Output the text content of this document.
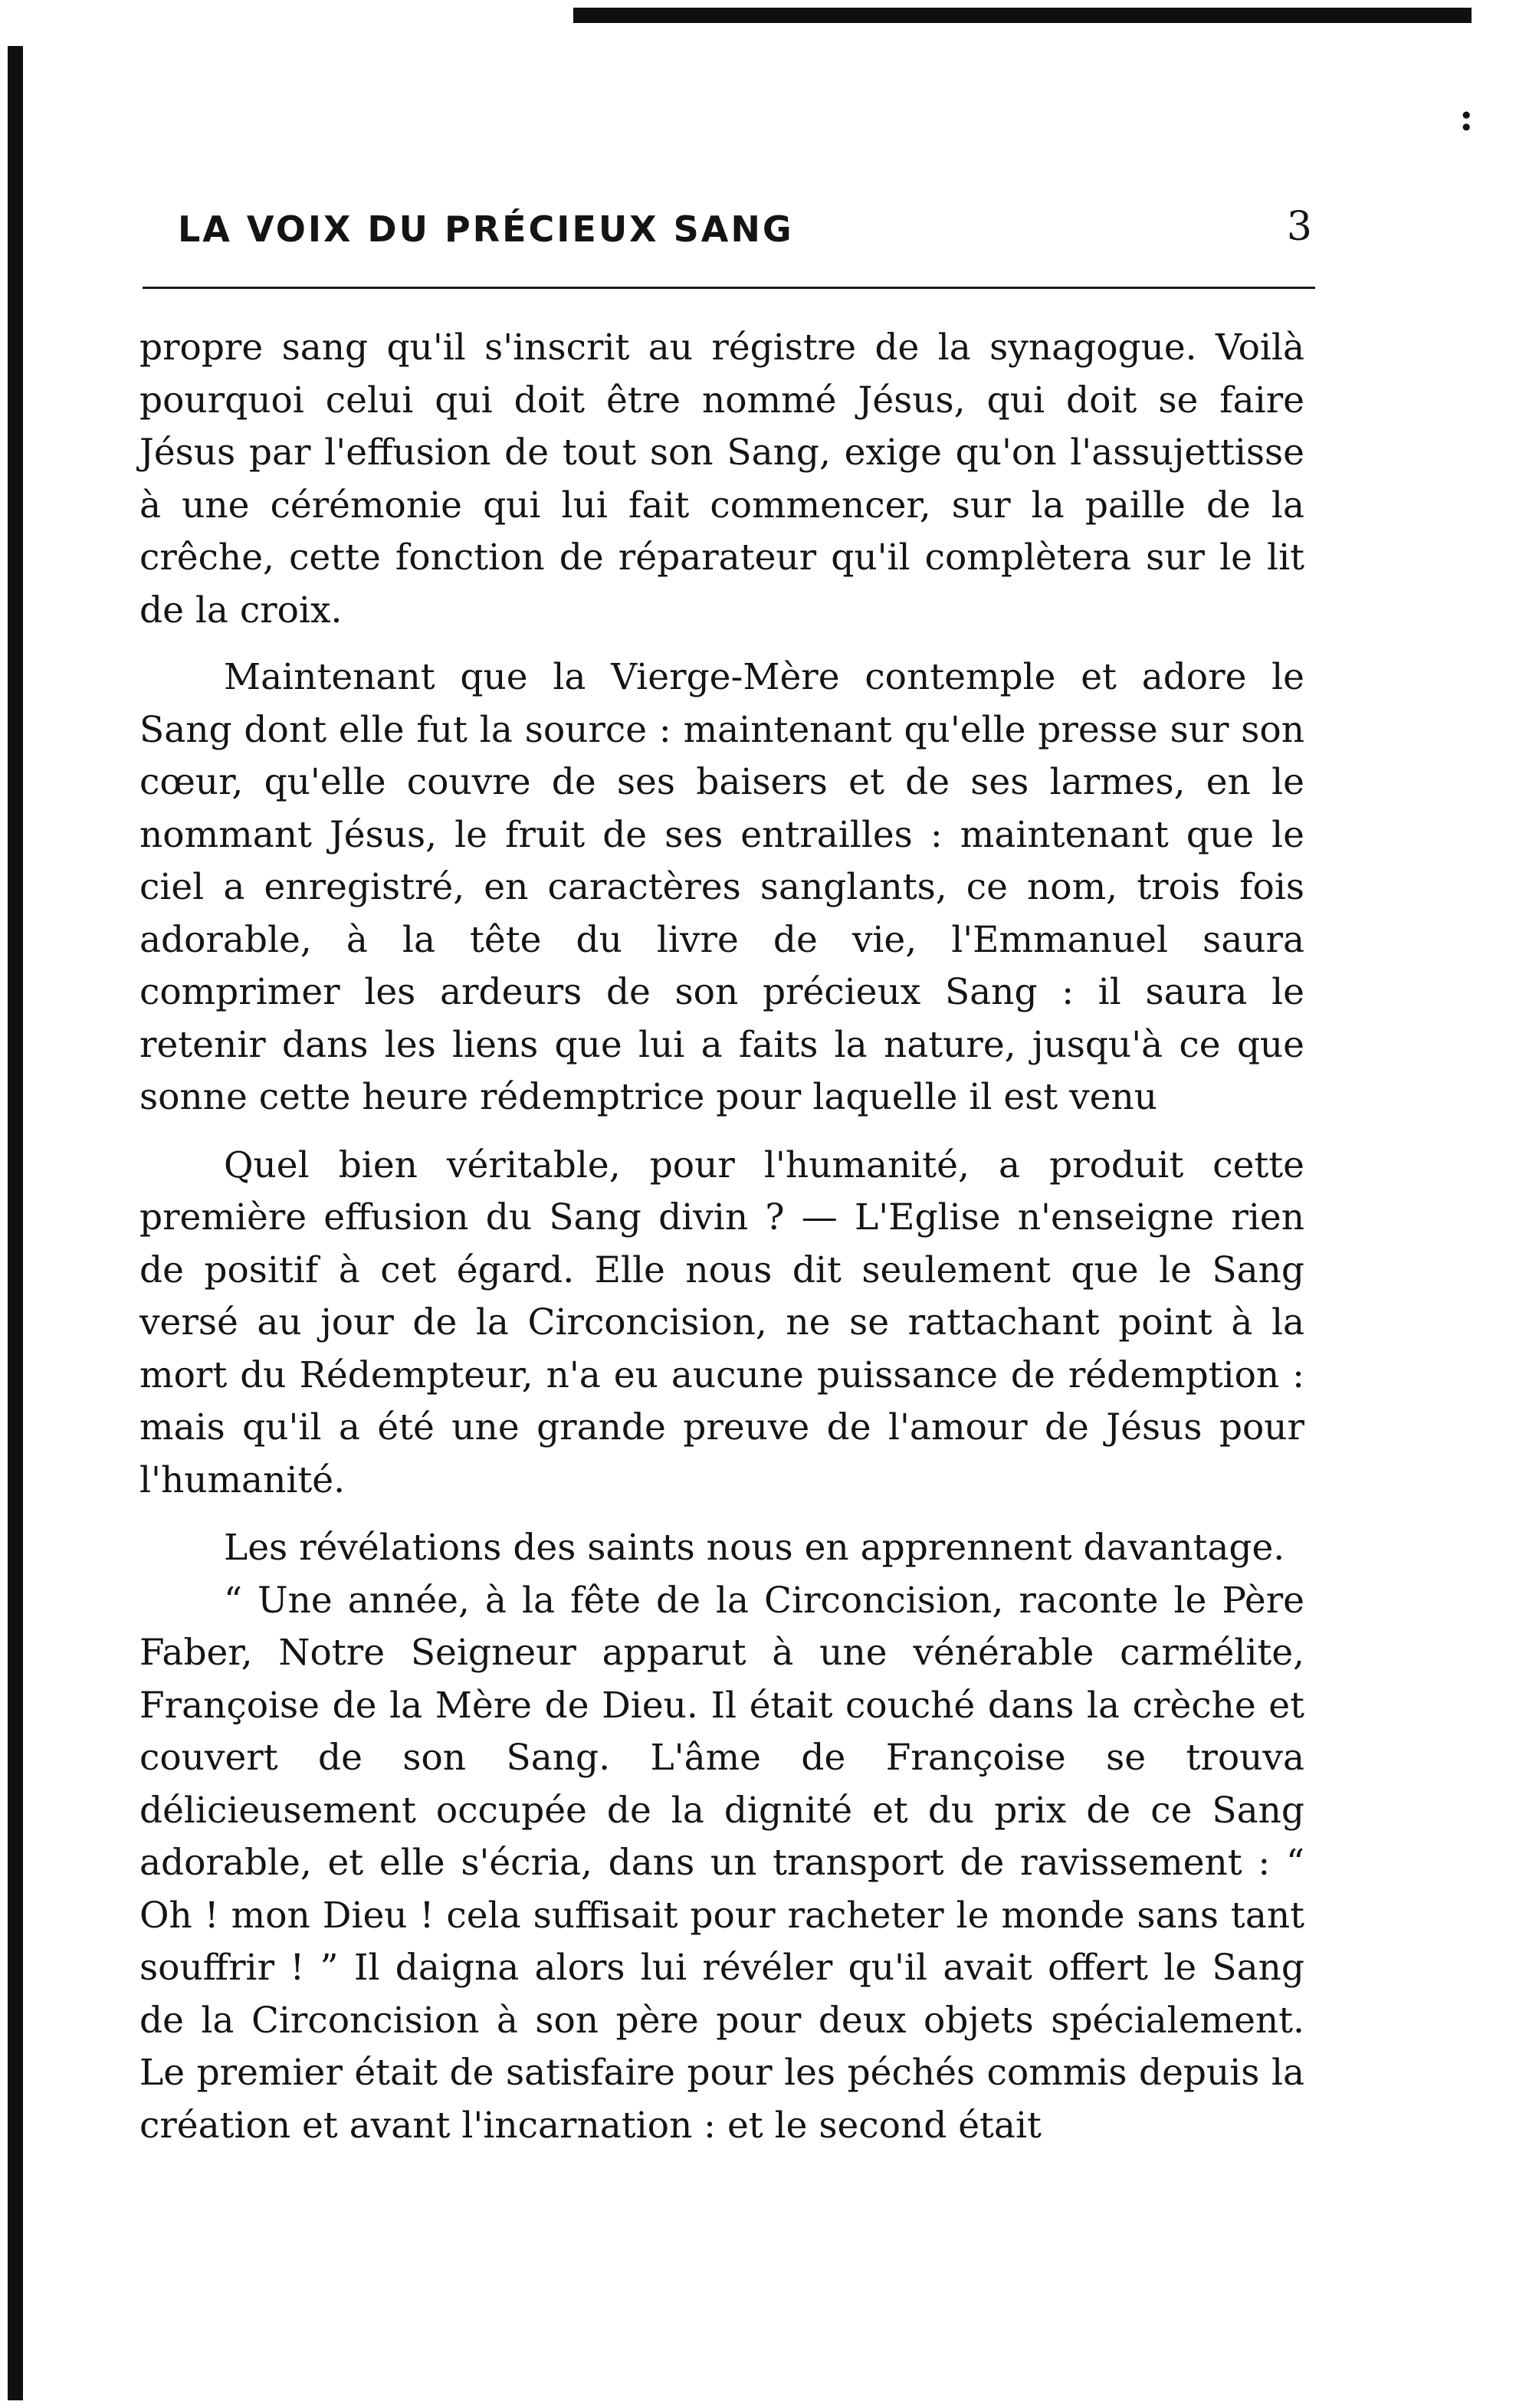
:
LA VOIX DU PRÉCIEUX SANG	3

propre sang qu'il s'inscrit au régistre de la synagogue. Voilà pourquoi celui qui doit être nommé Jésus, qui doit se faire Jésus par l'effusion de tout son Sang, exige qu'on l'assujettisse à une cérémonie qui lui fait commencer, sur la paille de la crêche, cette fonction de réparateur qu'il complètera sur le lit de la croix.

Maintenant que la Vierge-Mère contemple et adore le Sang dont elle fut la source : maintenant qu'elle presse sur son cœur, qu'elle couvre de ses baisers et de ses larmes, en le nommant Jésus, le fruit de ses entrailles : maintenant que le ciel a enregistré, en caractères sanglants, ce nom, trois fois adorable, à la tête du livre de vie, l'Emmanuel saura comprimer les ardeurs de son précieux Sang : il saura le retenir dans les liens que lui a faits la nature, jusqu'à ce que sonne cette heure rédemptrice pour laquelle il est venu

Quel bien véritable, pour l'humanité, a produit cette première effusion du Sang divin ? — L'Eglise n'enseigne rien de positif à cet égard. Elle nous dit seulement que le Sang versé au jour de la Circoncision, ne se rattachant point à la mort du Rédempteur, n'a eu aucune puissance de rédemption : mais qu'il a été une grande preuve de l'amour de Jésus pour l'humanité.

Les révélations des saints nous en apprennent davantage.

“ Une année, à la fête de la Circoncision, raconte le Père Faber, Notre Seigneur apparut à une vénérable carmélite, Françoise de la Mère de Dieu. Il était couché dans la crèche et couvert de son Sang. L'âme de Françoise se trouva délicieusement occupée de la dignité et du prix de ce Sang adorable, et elle s'écria, dans un transport de ravissement : “ Oh ! mon Dieu ! cela suffisait pour racheter le monde sans tant souffrir ! ” Il daigna alors lui révéler qu'il avait offert le Sang de la Circoncision à son père pour deux objets spécialement. Le premier était de satisfaire pour les péchés commis depuis la création et avant l'incarnation : et le second était
